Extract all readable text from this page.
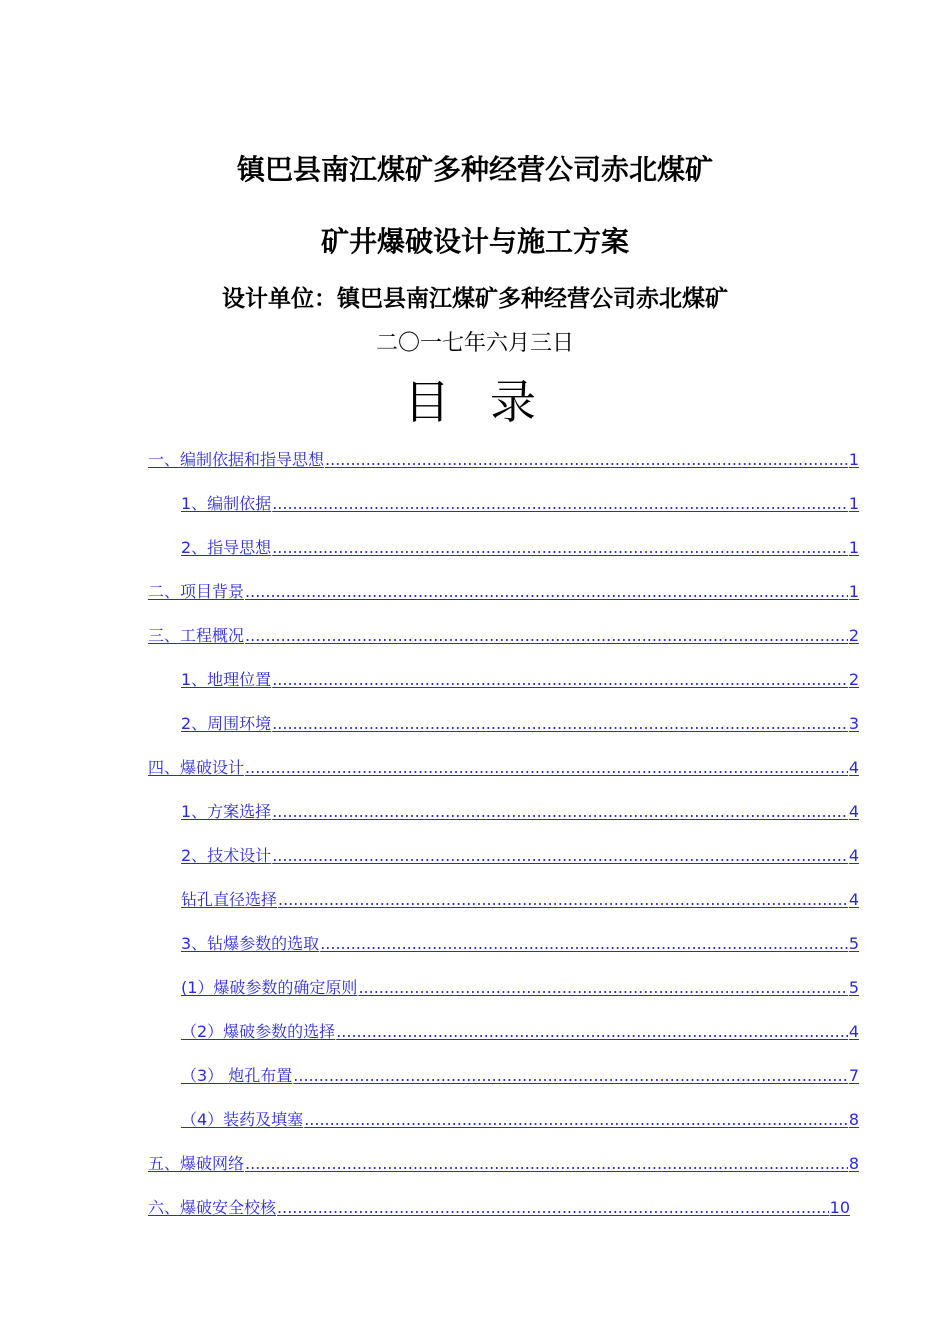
镇巴县南江煤矿多种经营公司赤北煤矿
矿井爆破设计与施工方案
设计单位：镇巴县南江煤矿多种经营公司赤北煤矿
二〇一七年六月三日
目录
一、编制依据和指导思想 .....	1
1、编制依据 .....	1
2、指导思想 .....	1
二、项目背景 .....	1
三、工程概况 .....	2
1、地理位置 .....	2
2、周围环境 .....	3
四、爆破设计 .....	4
1、方案选择 .....	4
2、技术设计 .....	4
钻孔直径选择 .....	4
3、钻爆参数的选取 .....	5
(1）爆破参数的确定原则 .....	5
（2）爆破参数的选择 .....	4
（3） 炮孔布置 .....	7
（4）装药及填塞 .....	8
五、爆破网络 .....	8
六、爆破安全校核 .....	10
